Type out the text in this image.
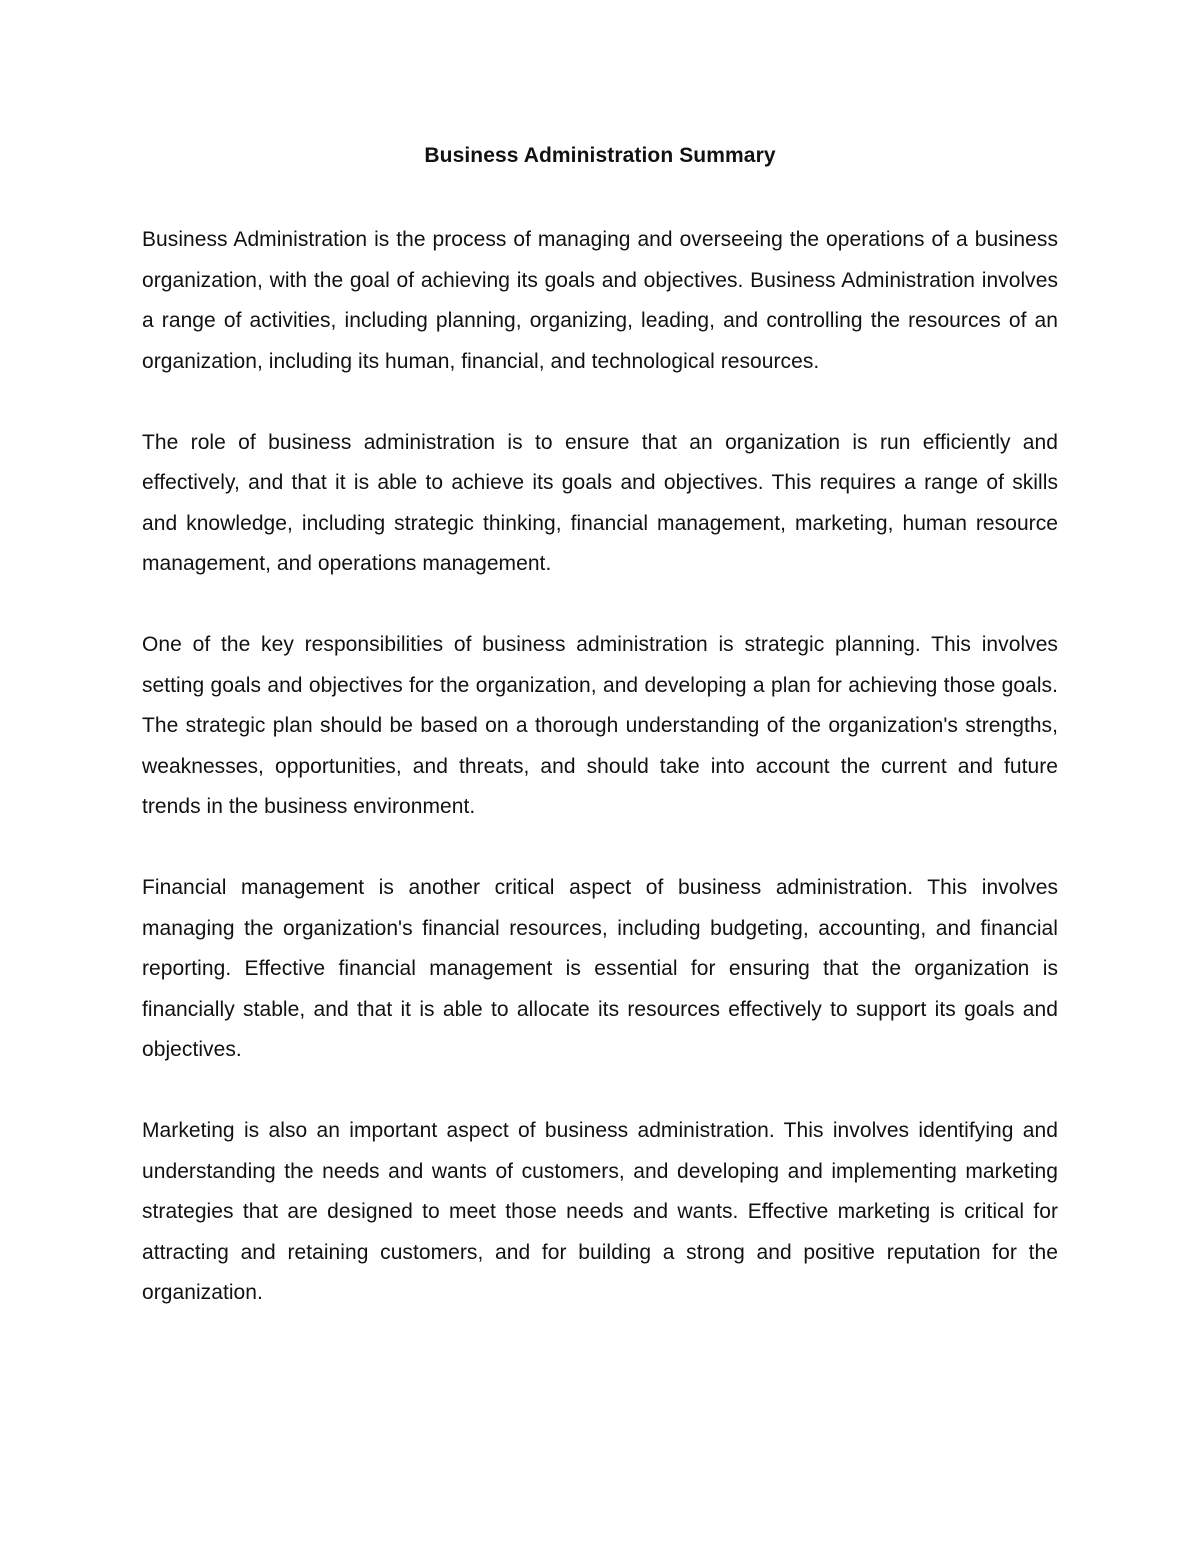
Business Administration Summary

Business Administration is the process of managing and overseeing the operations of a business organization, with the goal of achieving its goals and objectives. Business Administration involves a range of activities, including planning, organizing, leading, and controlling the resources of an organization, including its human, financial, and technological resources.

The role of business administration is to ensure that an organization is run efficiently and effectively, and that it is able to achieve its goals and objectives. This requires a range of skills and knowledge, including strategic thinking, financial management, marketing, human resource management, and operations management.

One of the key responsibilities of business administration is strategic planning. This involves setting goals and objectives for the organization, and developing a plan for achieving those goals. The strategic plan should be based on a thorough understanding of the organization's strengths, weaknesses, opportunities, and threats, and should take into account the current and future trends in the business environment.

Financial management is another critical aspect of business administration. This involves managing the organization's financial resources, including budgeting, accounting, and financial reporting. Effective financial management is essential for ensuring that the organization is financially stable, and that it is able to allocate its resources effectively to support its goals and objectives.

Marketing is also an important aspect of business administration. This involves identifying and understanding the needs and wants of customers, and developing and implementing marketing strategies that are designed to meet those needs and wants. Effective marketing is critical for attracting and retaining customers, and for building a strong and positive reputation for the organization.
